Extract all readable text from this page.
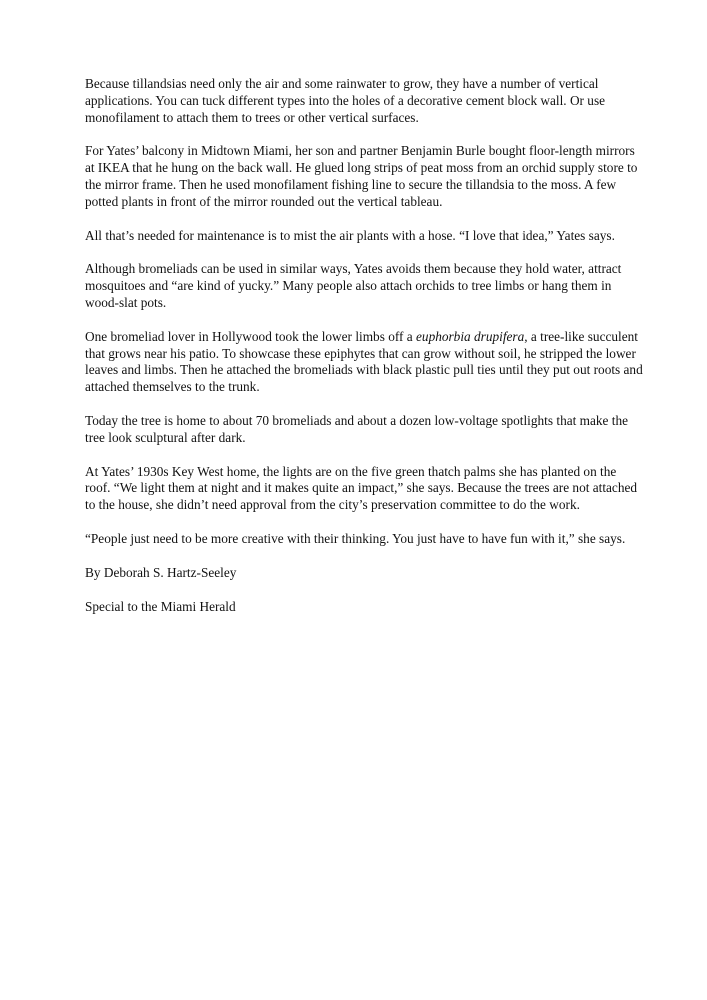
Because tillandsias need only the air and some rainwater to grow, they have a number of vertical applications. You can tuck different types into the holes of a decorative cement block wall. Or use monofilament to attach them to trees or other vertical surfaces.

For Yates’ balcony in Midtown Miami, her son and partner Benjamin Burle bought floor-length mirrors at IKEA that he hung on the back wall. He glued long strips of peat moss from an orchid supply store to the mirror frame. Then he used monofilament fishing line to secure the tillandsia to the moss. A few potted plants in front of the mirror rounded out the vertical tableau.

All that’s needed for maintenance is to mist the air plants with a hose. “I love that idea,” Yates says.

Although bromeliads can be used in similar ways, Yates avoids them because they hold water, attract mosquitoes and “are kind of yucky.” Many people also attach orchids to tree limbs or hang them in wood-slat pots.

One bromeliad lover in Hollywood took the lower limbs off a euphorbia drupifera, a tree-like succulent that grows near his patio. To showcase these epiphytes that can grow without soil, he stripped the lower leaves and limbs. Then he attached the bromeliads with black plastic pull ties until they put out roots and attached themselves to the trunk.

Today the tree is home to about 70 bromeliads and about a dozen low-voltage spotlights that make the tree look sculptural after dark.

At Yates’ 1930s Key West home, the lights are on the five green thatch palms she has planted on the roof. “We light them at night and it makes quite an impact,” she says. Because the trees are not attached to the house, she didn’t need approval from the city’s preservation committee to do the work.

“People just need to be more creative with their thinking. You just have to have fun with it,” she says.

By Deborah S. Hartz-Seeley

Special to the Miami Herald
